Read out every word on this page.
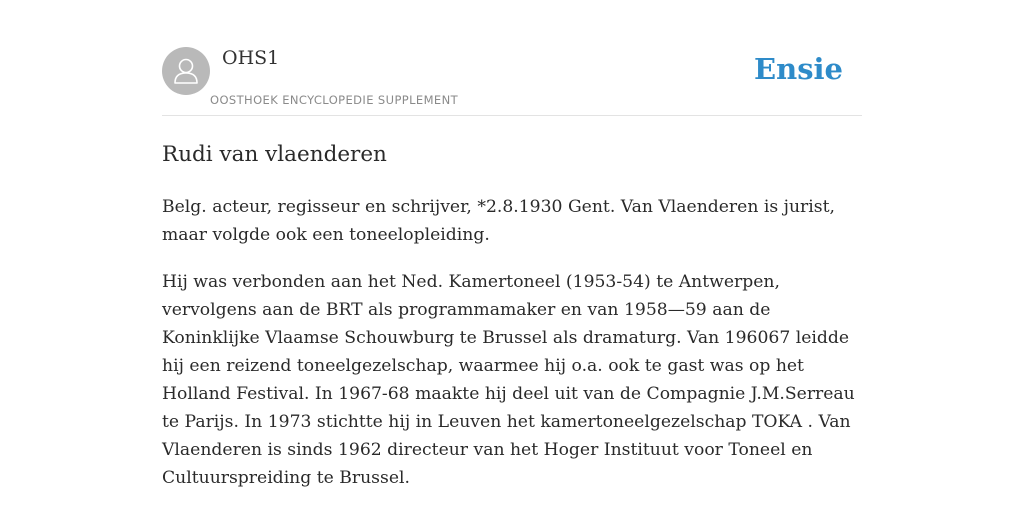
OHS1
OOSTHOEK ENCYCLOPEDIE SUPPLEMENT
Ensie
Rudi van vlaenderen

Belg. acteur, regisseur en schrijver, *2.8.1930 Gent. Van Vlaenderen is jurist, maar volgde ook een toneelopleiding.

Hij was verbonden aan het Ned. Kamertoneel (1953-54) te Antwerpen, vervolgens aan de BRT als programmamaker en van 1958—59 aan de Koninklijke Vlaamse Schouwburg te Brussel als dramaturg. Van 196067 leidde hij een reizend toneelgezelschap, waarmee hij o.a. ook te gast was op het Holland Festival. In 1967-68 maakte hij deel uit van de Compagnie J.M.Serreau te Parijs. In 1973 stichtte hij in Leuven het kamertoneelgezelschap TOKA . Van Vlaenderen is sinds 1962 directeur van het Hoger Instituut voor Toneel en Cultuurspreiding te Brussel.
